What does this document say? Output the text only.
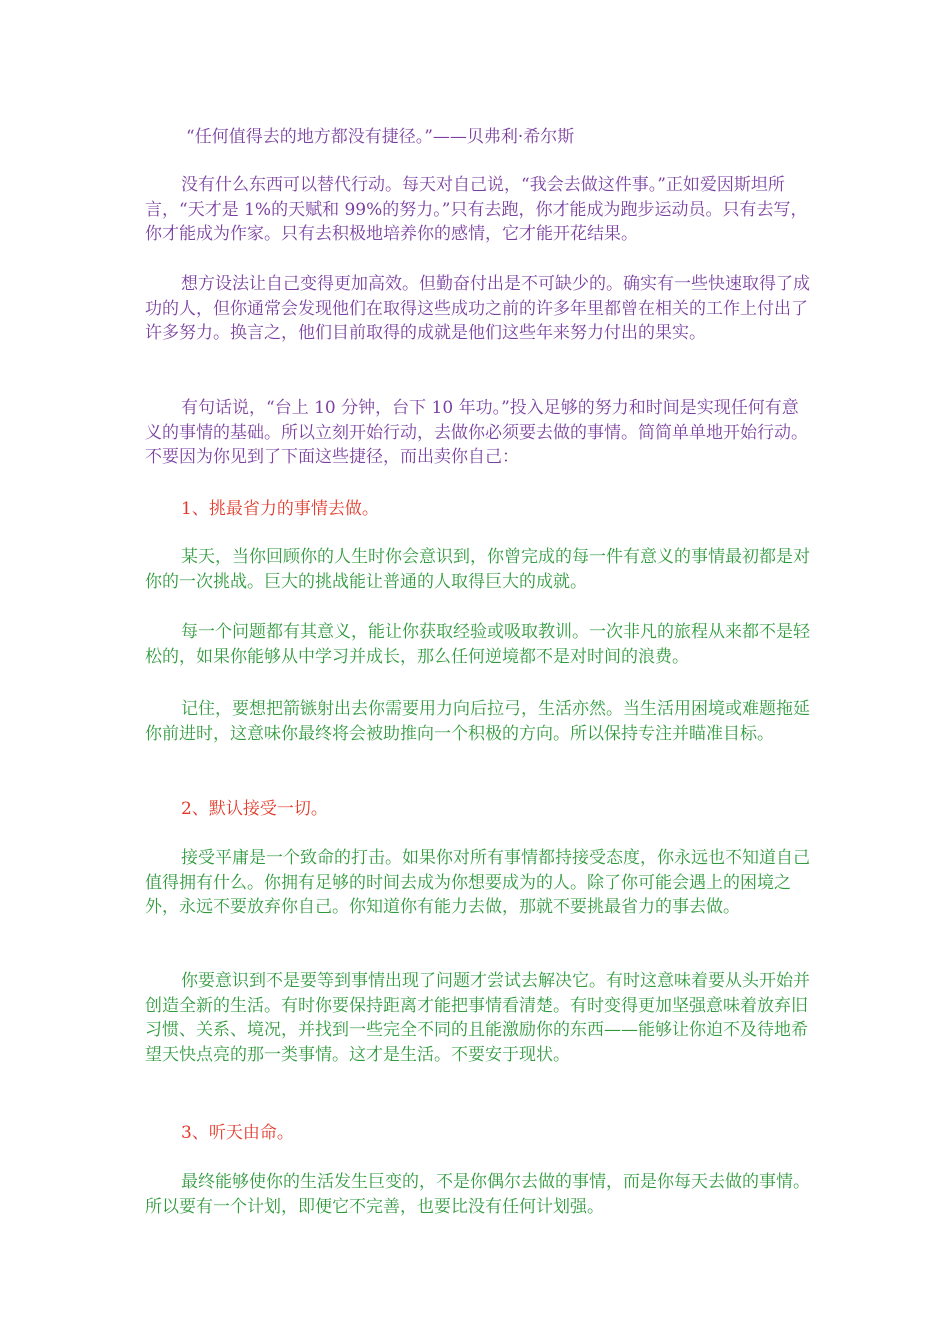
“任何值得去的地方都没有捷径。”——贝弗利·希尔斯

没有什么东西可以替代行动。每天对自己说，“我会去做这件事。”正如爱因斯坦所言，“天才是 1%的天赋和 99%的努力。”只有去跑，你才能成为跑步运动员。只有去写，你才能成为作家。只有去积极地培养你的感情，它才能开花结果。

想方设法让自己变得更加高效。但勤奋付出是不可缺少的。确实有一些快速取得了成功的人，但你通常会发现他们在取得这些成功之前的许多年里都曾在相关的工作上付出了许多努力。换言之，他们目前取得的成就是他们这些年来努力付出的果实。

有句话说，“台上 10 分钟，台下 10 年功。”投入足够的努力和时间是实现任何有意义的事情的基础。所以立刻开始行动，去做你必须要去做的事情。简简单单地开始行动。不要因为你见到了下面这些捷径，而出卖你自己：

1、挑最省力的事情去做。

某天，当你回顾你的人生时你会意识到，你曾完成的每一件有意义的事情最初都是对你的一次挑战。巨大的挑战能让普通的人取得巨大的成就。

每一个问题都有其意义，能让你获取经验或吸取教训。一次非凡的旅程从来都不是轻松的，如果你能够从中学习并成长，那么任何逆境都不是对时间的浪费。

记住，要想把箭镞射出去你需要用力向后拉弓，生活亦然。当生活用困境或难题拖延你前进时，这意味你最终将会被助推向一个积极的方向。所以保持专注并瞄准目标。

2、默认接受一切。

接受平庸是一个致命的打击。如果你对所有事情都持接受态度，你永远也不知道自己值得拥有什么。你拥有足够的时间去成为你想要成为的人。除了你可能会遇上的困境之外，永远不要放弃你自己。你知道你有能力去做，那就不要挑最省力的事去做。

你要意识到不是要等到事情出现了问题才尝试去解决它。有时这意味着要从头开始并创造全新的生活。有时你要保持距离才能把事情看清楚。有时变得更加坚强意味着放弃旧习惯、关系、境况，并找到一些完全不同的且能激励你的东西——能够让你迫不及待地希望天快点亮的那一类事情。这才是生活。不要安于现状。

3、听天由命。

最终能够使你的生活发生巨变的，不是你偶尔去做的事情，而是你每天去做的事情。所以要有一个计划，即便它不完善，也要比没有任何计划强。
